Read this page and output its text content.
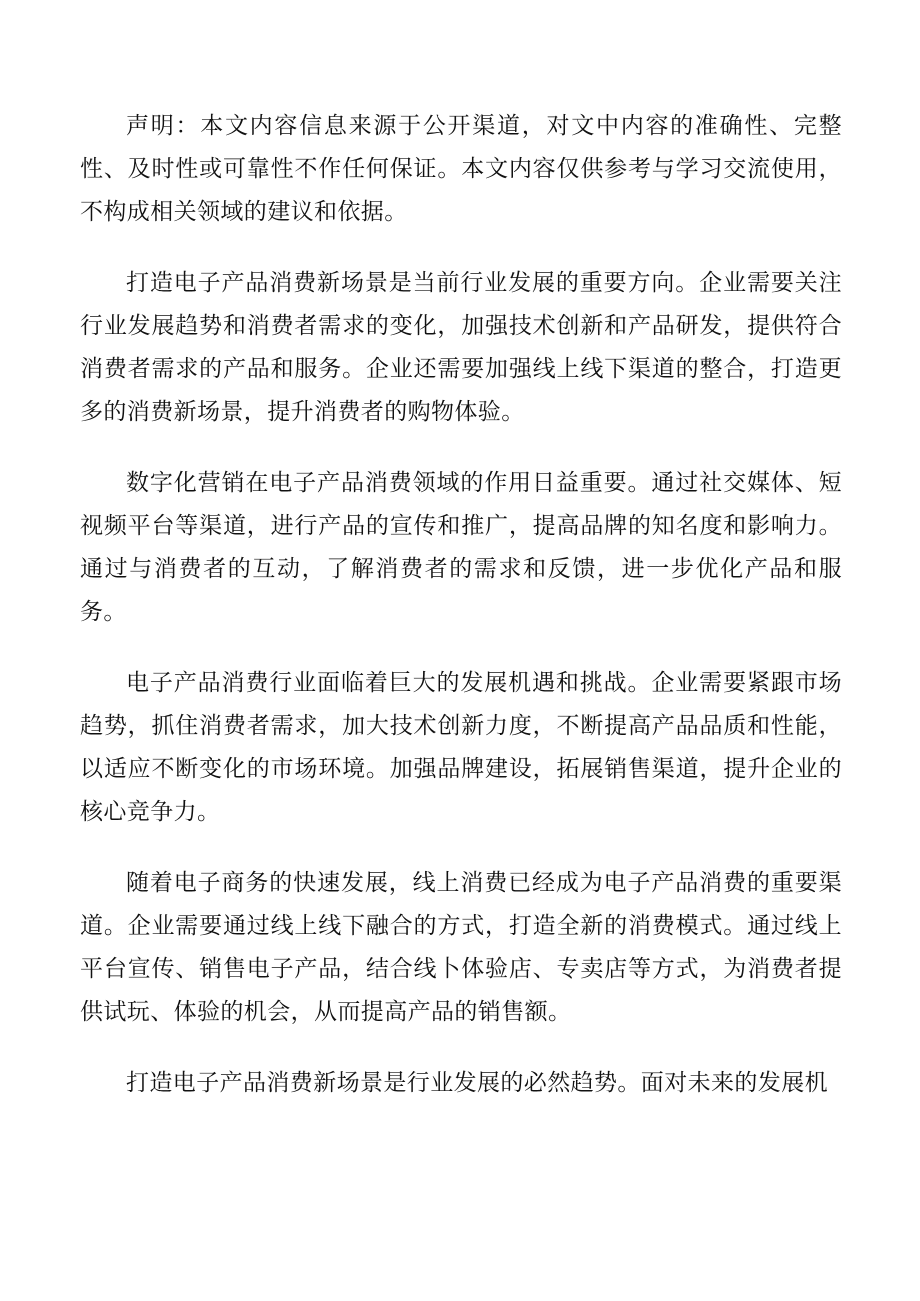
声明：本文内容信息来源于公开渠道，对文中内容的准确性、完整性、及时性或可靠性不作任何保证。本文内容仅供参考与学习交流使用，不构成相关领域的建议和依据。

打造电子产品消费新场景是当前行业发展的重要方向。企业需要关注行业发展趋势和消费者需求的变化，加强技术创新和产品研发，提供符合消费者需求的产品和服务。企业还需要加强线上线下渠道的整合，打造更多的消费新场景，提升消费者的购物体验。

数字化营销在电子产品消费领域的作用日益重要。通过社交媒体、短视频平台等渠道，进行产品的宣传和推广，提高品牌的知名度和影响力。通过与消费者的互动，了解消费者的需求和反馈，进一步优化产品和服务。

电子产品消费行业面临着巨大的发展机遇和挑战。企业需要紧跟市场趋势，抓住消费者需求，加大技术创新力度，不断提高产品品质和性能，以适应不断变化的市场环境。加强品牌建设，拓展销售渠道，提升企业的核心竞争力。

随着电子商务的快速发展，线上消费已经成为电子产品消费的重要渠道。企业需要通过线上线下融合的方式，打造全新的消费模式。通过线上平台宣传、销售电子产品，结合线卜体验店、专卖店等方式，为消费者提供试玩、体验的机会，从而提高产品的销售额。

打造电子产品消费新场景是行业发展的必然趋势。面对未来的发展机
